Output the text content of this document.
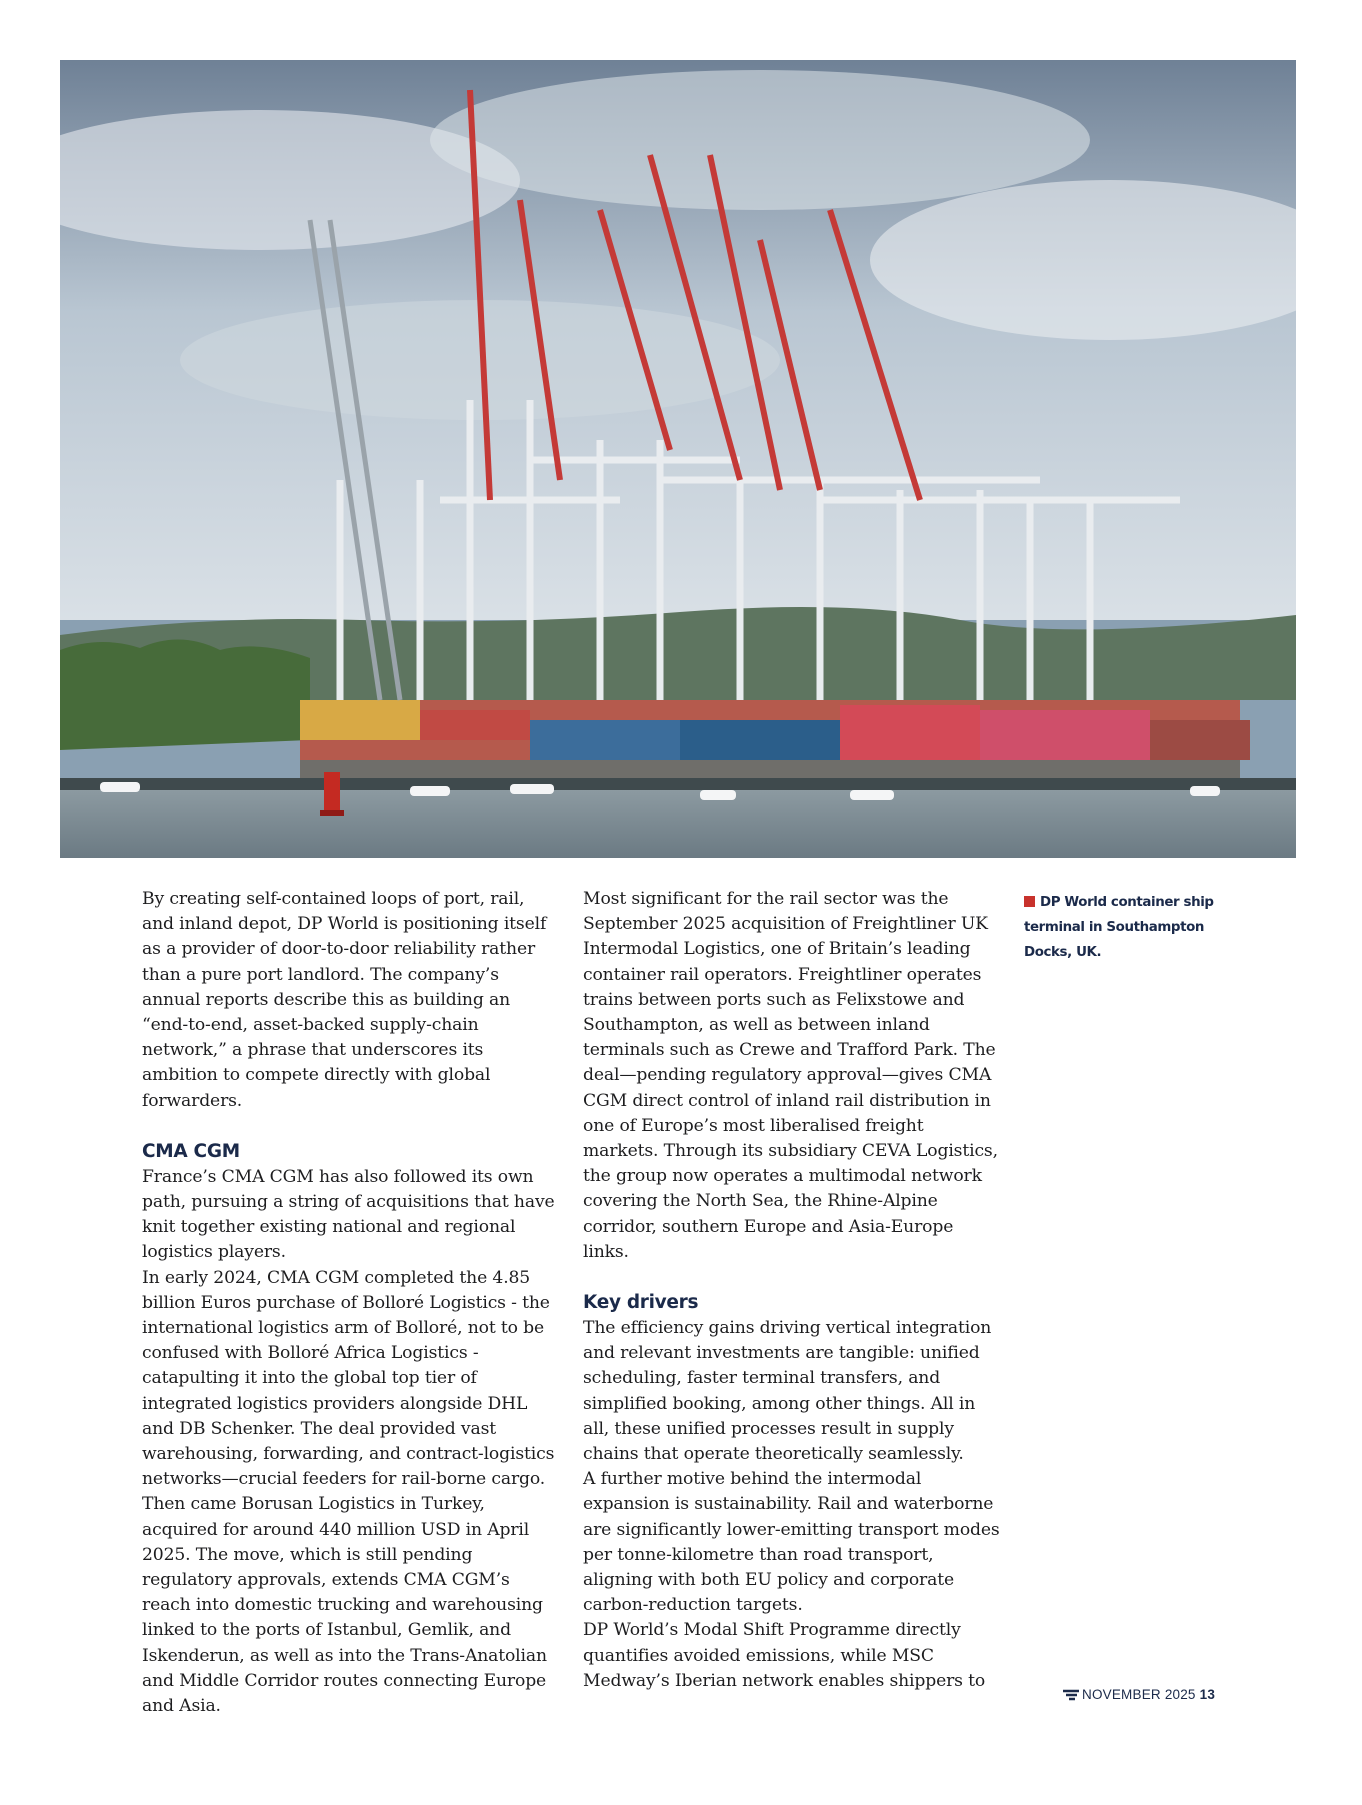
By creating self-contained loops of port, rail, and inland depot, DP World is positioning itself as a provider of door-to-door reliability rather than a pure port landlord. The company’s annual reports describe this as building an “end-to-end, asset-backed supply-chain network,” a phrase that underscores its ambition to compete directly with global forwarders.

CMA CGM

France’s CMA CGM has also followed its own path, pursuing a string of acquisitions that have knit together existing national and regional logistics players.

In early 2024, CMA CGM completed the 4.85 billion Euros purchase of Bolloré Logistics - the international logistics arm of Bolloré, not to be confused with Bolloré Africa Logistics - catapulting it into the global top tier of integrated logistics providers alongside DHL and DB Schenker. The deal provided vast warehousing, forwarding, and contract-logistics networks—crucial feeders for rail-borne cargo.

Then came Borusan Logistics in Turkey, acquired for around 440 million USD in April 2025. The move, which is still pending regulatory approvals, extends CMA CGM’s reach into domestic trucking and warehousing linked to the ports of Istanbul, Gemlik, and Iskenderun, as well as into the Trans-Anatolian and Middle Corridor routes connecting Europe and Asia.

Most significant for the rail sector was the September 2025 acquisition of Freightliner UK Intermodal Logistics, one of Britain’s leading container rail operators. Freightliner operates trains between ports such as Felixstowe and Southampton, as well as between inland terminals such as Crewe and Trafford Park. The deal—pending regulatory approval—gives CMA CGM direct control of inland rail distribution in one of Europe’s most liberalised freight markets. Through its subsidiary CEVA Logistics, the group now operates a multimodal network covering the North Sea, the Rhine-Alpine corridor, southern Europe and Asia-Europe links.

Key drivers

The efficiency gains driving vertical integration and relevant investments are tangible: unified scheduling, faster terminal transfers, and simplified booking, among other things. All in all, these unified processes result in supply chains that operate theoretically seamlessly.

A further motive behind the intermodal expansion is sustainability. Rail and waterborne are significantly lower-emitting transport modes per tonne-kilometre than road transport, aligning with both EU policy and corporate carbon-reduction targets.

DP World’s Modal Shift Programme directly quantifies avoided emissions, while MSC Medway’s Iberian network enables shippers to

DP World container ship terminal in Southampton Docks, UK.
NOVEMBER 2025 13
